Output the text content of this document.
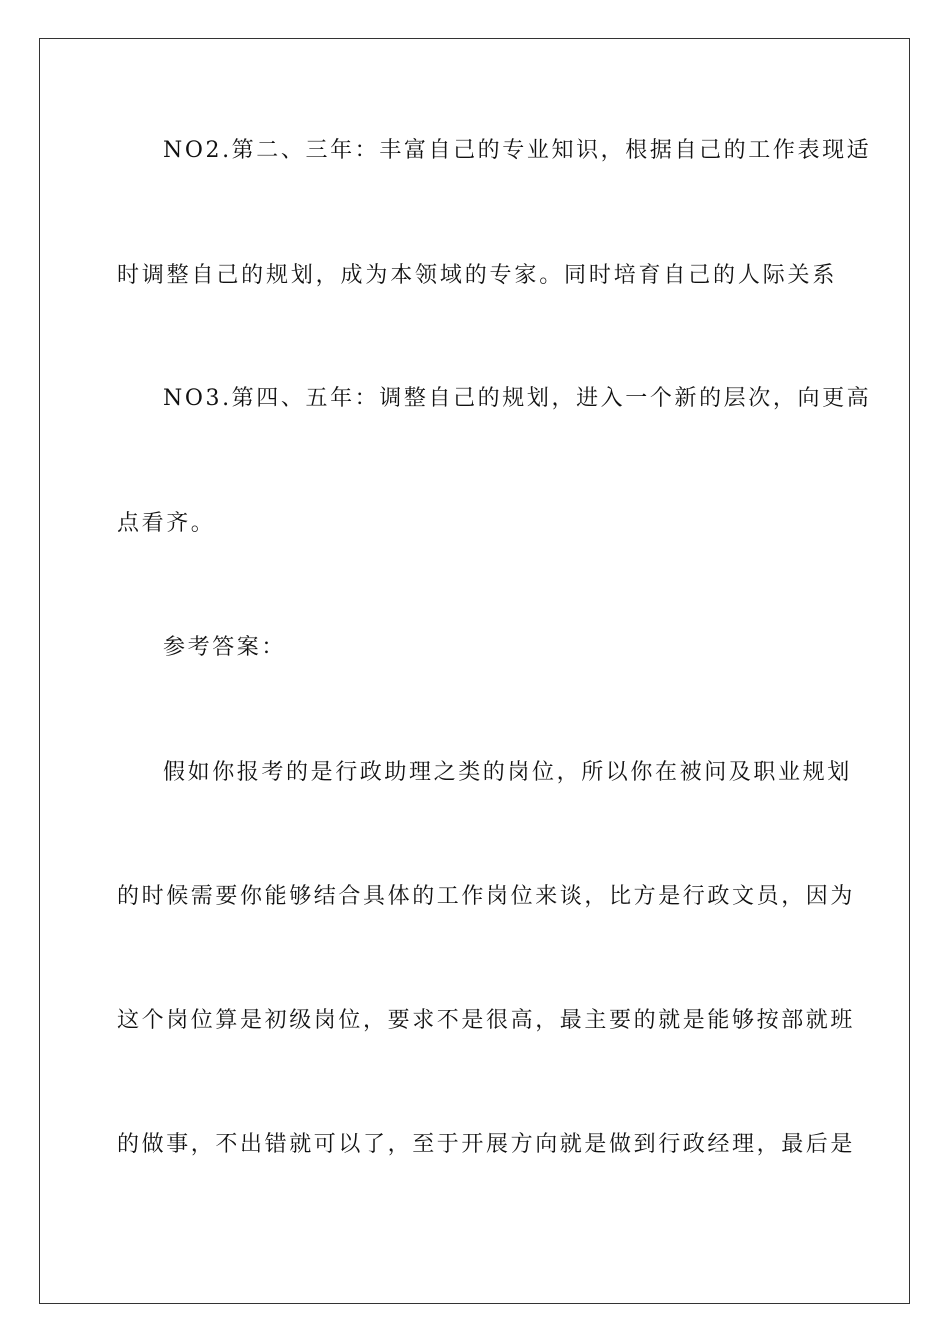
NO2.第二、三年：丰富自己的专业知识，根据自己的工作表现适
时调整自己的规划，成为本领域的专家。同时培育自己的人际关系
NO3.第四、五年：调整自己的规划，进入一个新的层次，向更高
点看齐。
参考答案：
假如你报考的是行政助理之类的岗位，所以你在被问及职业规划
的时候需要你能够结合具体的工作岗位来谈，比方是行政文员，因为
这个岗位算是初级岗位，要求不是很高，最主要的就是能够按部就班
的做事，不出错就可以了，至于开展方向就是做到行政经理，最后是
